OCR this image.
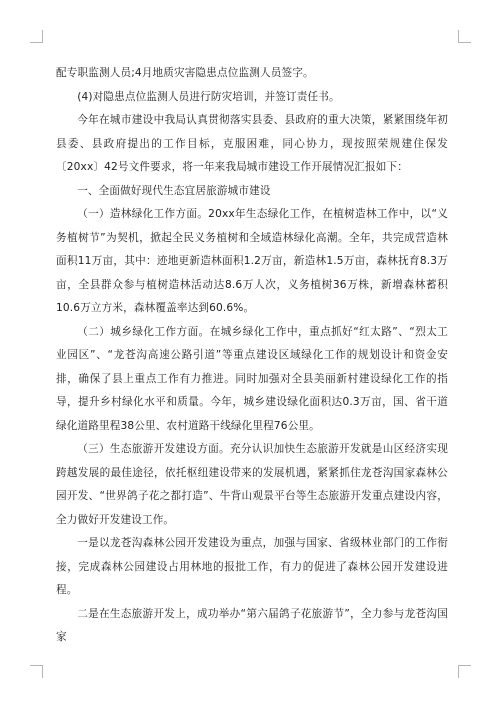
配专职监测人员;4月地质灾害隐患点位监测人员签字。

(4)对隐患点位监测人员进行防灾培训，并签订责任书。

今年在城市建设中我局认真贯彻落实县委、县政府的重大决策，紧紧围绕年初县委、县政府提出的工作目标，克服困难，同心协力，现按照荣规建住保发〔20xx〕42号文件要求，将一年来我局城市建设工作开展情况汇报如下：

一、全面做好现代生态宜居旅游城市建设

（一）造林绿化工作方面。20xx年生态绿化工作，在植树造林工作中，以“义务植树节”为契机，掀起全民义务植树和全域造林绿化高潮。全年，共完成营造林面积11万亩，其中：迹地更新造林面积1.2万亩，新造林1.5万亩，森林抚育8.3万亩，全县群众参与植树造林活动达8.6万人次，义务植树36万株，新增森林蓄积10.6万立方米，森林覆盖率达到60.6%。

（二）城乡绿化工作方面。在城乡绿化工作中，重点抓好“红太路”、“烈太工业园区”、“龙苍沟高速公路引道”等重点建设区域绿化工作的规划设计和资金安排，确保了县上重点工作有力推进。同时加强对全县美丽新村建设绿化工作的指导，提升乡村绿化水平和质量。今年，城乡建设绿化面积达0.3万亩，国、省干道绿化道路里程38公里、农村道路干线绿化里程76公里。

（三）生态旅游开发建设方面。充分认识加快生态旅游开发就是山区经济实现跨越发展的最佳途径，依托枢纽建设带来的发展机遇，紧紧抓住龙苍沟国家森林公园开发、“世界鸽子花之都打造”、牛背山观景平台等生态旅游开发重点建设内容，全力做好开发建设工作。

一是以龙苍沟森林公园开发建设为重点，加强与国家、省级林业部门的工作衔接，完成森林公园建设占用林地的报批工作，有力的促进了森林公园开发建设进程。

二是在生态旅游开发上，成功举办“第六届鸽子花旅游节”，全力参与龙苍沟国家
